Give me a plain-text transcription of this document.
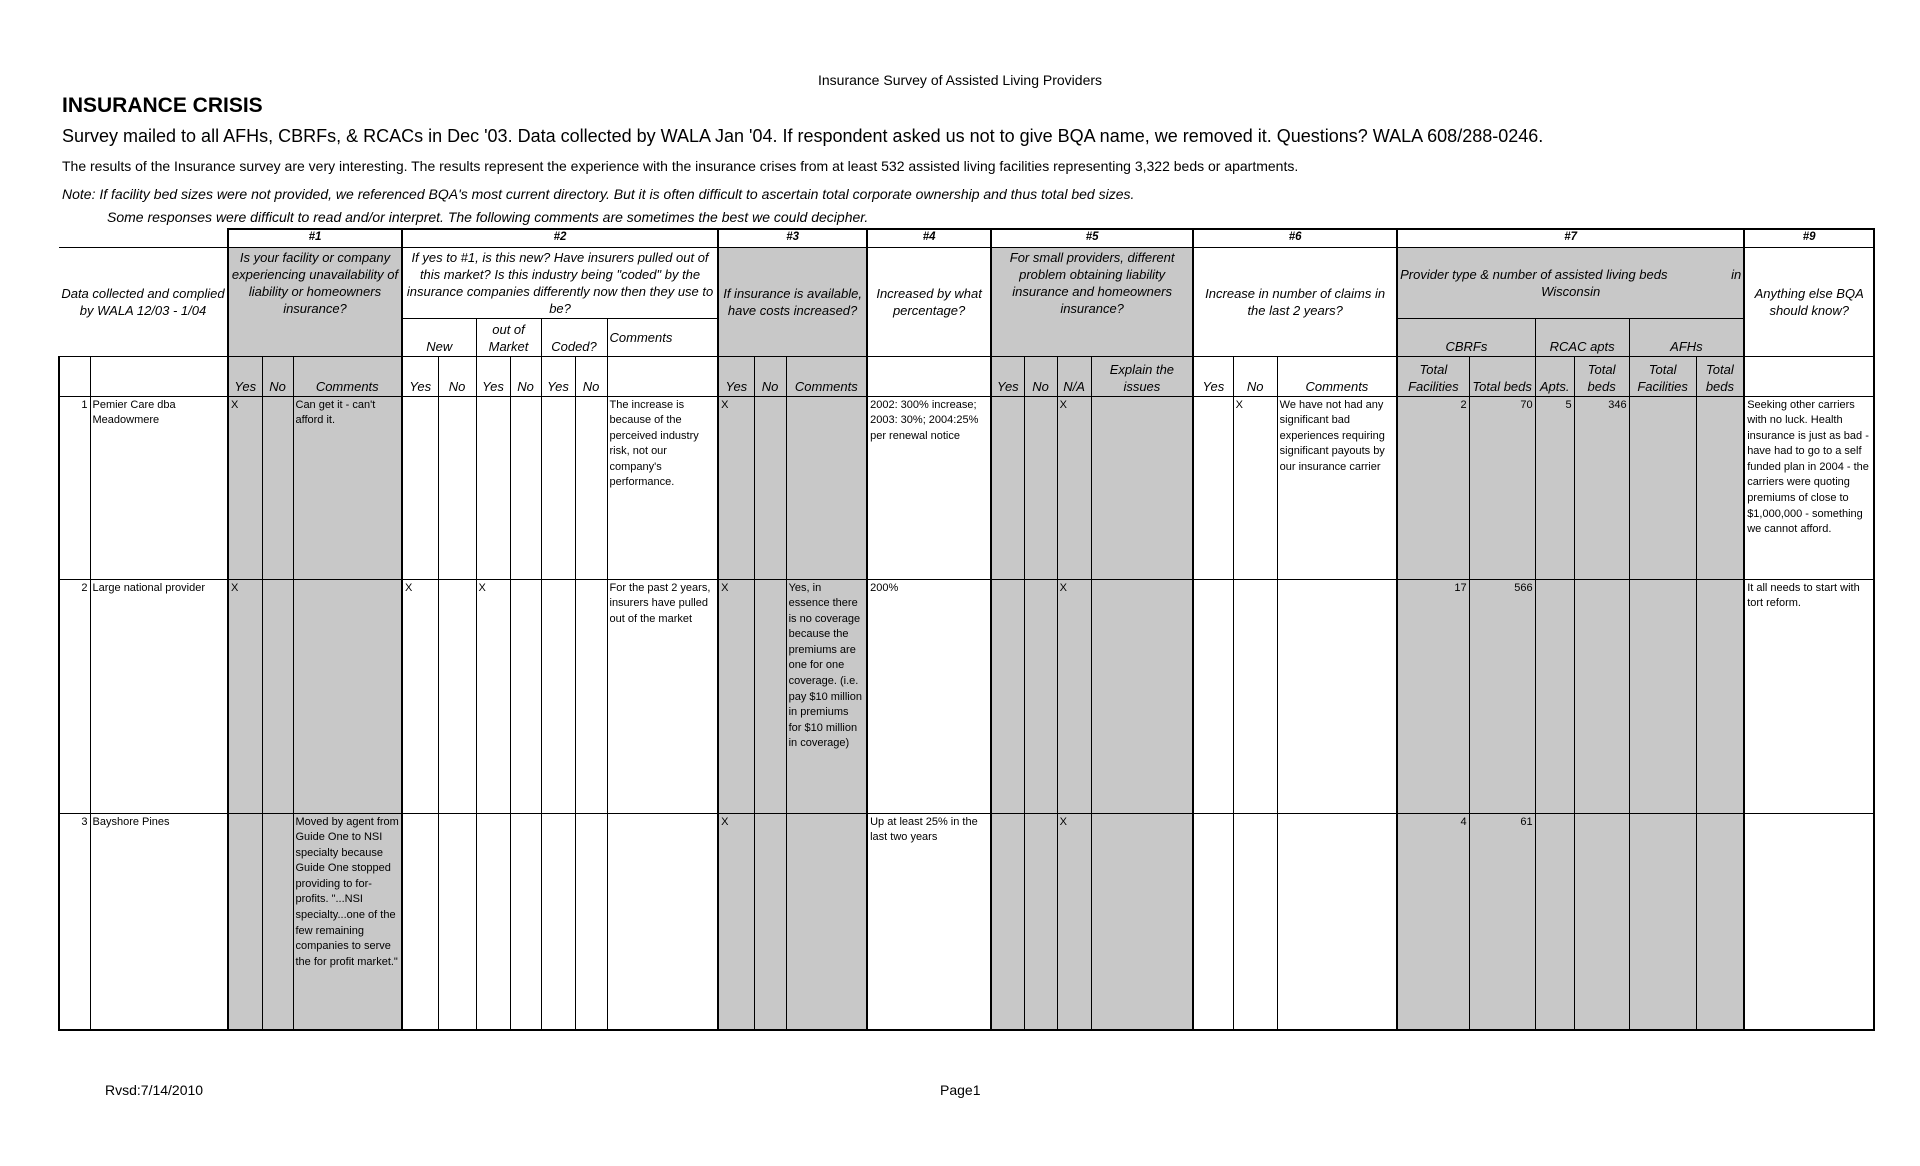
Insurance Survey of Assisted Living Providers
INSURANCE CRISIS
Survey mailed to all AFHs, CBRFs, & RCACs in Dec '03. Data collected by WALA Jan '04. If respondent asked us not to give BQA name, we removed it. Questions? WALA 608/288-0246.
The results of the Insurance survey are very interesting. The results represent the experience with the insurance crises from at least 532 assisted living facilities representing 3,322 beds or apartments.
Note: If facility bed sizes were not provided, we referenced BQA's most current directory. But it is often difficult to ascertain total corporate ownership and thus total bed sizes.
Some responses were difficult to read and/or interpret. The following comments are sometimes the best we could decipher.
		#1			#2							#3			#4	#5				#6			#7						#9
Data collected and complied by WALA 12/03 - 1/04		Is your facility or company experiencing unavailability of liability or homeowners insurance?			If yes to #1, is this new? Have insurers pulled out of this market? Is this industry being "coded" by the insurance companies differently now then they use to be?							If insurance is available, have costs increased?			Increased by what percentage?	For small providers, different problem obtaining liability insurance and homeowners insurance?				Increase in number of claims in the last 2 years?			Provider type & number of assisted living beds in
Wisconsin						Anything else BQA should know?
					New		out of Market		Coded?		Comments												CBRFs		RCAC apts		AFHs		
		Yes	No	Comments	Yes	No	Yes	No	Yes	No		Yes	No	Comments		Yes	No	N/A	Explain the issues	Yes	No	Comments	Total Facilities	Total beds	Apts.	Total beds	Total Facilities	Total beds	
1	Pemier Care dba Meadowmere	X		Can get it - can't afford it.							The increase is because of the perceived industry risk, not our company's performance.	X			2002: 300% increase; 2003: 30%; 2004:25% per renewal notice			X			X	We have not had any significant bad experiences requiring significant payouts by our insurance carrier	2	70	5	346			Seeking other carriers with no luck. Health insurance is just as bad - have had to go to a self funded plan in 2004 - the carriers were quoting premiums of close to $1,000,000 - something we cannot afford.
2	Large national provider	X			X		X				For the past 2 years, insurers have pulled out of the market	X		Yes, in essence there is no coverage because the premiums are one for one coverage. (i.e. pay $10 million in premiums for $10 million in coverage)	200%			X					17	566					It all needs to start with tort reform.
3	Bayshore Pines			Moved by agent from Guide One to NSI specialty because Guide One stopped providing to for-profits. "...NSI specialty...one of the few remaining companies to serve the for profit market."								X			Up at least 25% in the last two years			X					4	61					
Rvsd:7/14/2010	Page1
